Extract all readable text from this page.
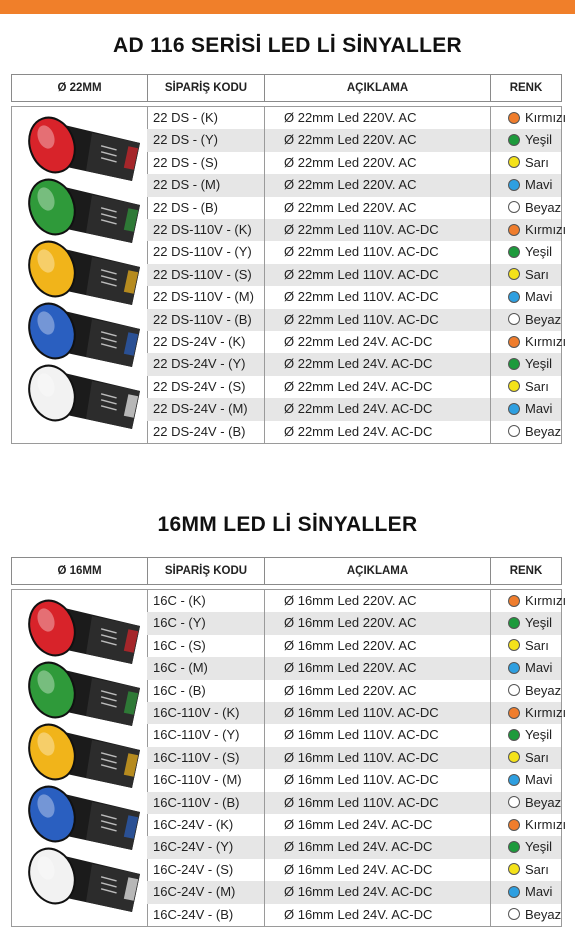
AD 116 SERİSİ LED Lİ SİNYALLER
Ø 22MM	SİPARİŞ KODU	AÇIKLAMA	RENK
22 DS - (K)	Ø 22mm Led 220V. AC	Kırmızı
22 DS - (Y)	Ø 22mm Led 220V. AC	Yeşil
22 DS - (S)	Ø 22mm Led 220V. AC	Sarı
22 DS - (M)	Ø 22mm Led 220V. AC	Mavi
22 DS - (B)	Ø 22mm Led 220V. AC	Beyaz
22 DS-110V - (K) Ø 22mm Led 110V. AC-DC	Kırmızı
22 DS-110V - (Y) Ø 22mm Led 110V. AC-DC	Yeşil
22 DS-110V - (S) Ø 22mm Led 110V. AC-DC	Sarı
22 DS-110V - (M) Ø 22mm Led 110V. AC-DC	Mavi
22 DS-110V - (B) Ø 22mm Led 110V. AC-DC	Beyaz
22 DS-24V - (K)	Ø 22mm Led 24V. AC-DC	Kırmızı
22 DS-24V - (Y)	Ø 22mm Led 24V. AC-DC	Yeşil
22 DS-24V - (S)	Ø 22mm Led 24V. AC-DC	Sarı
22 DS-24V - (M)	Ø 22mm Led 24V. AC-DC	Mavi
22 DS-24V - (B)	Ø 22mm Led 24V. AC-DC	Beyaz
16MM LED Lİ SİNYALLER
Ø 16MM	SİPARİŞ KODU	AÇIKLAMA	RENK
16C - (K)	Ø 16mm Led 220V. AC	Kırmızı
16C - (Y)	Ø 16mm Led 220V. AC	Yeşil
16C - (S)	Ø 16mm Led 220V. AC	Sarı
16C - (M)	Ø 16mm Led 220V. AC	Mavi
16C - (B)	Ø 16mm Led 220V. AC	Beyaz
16C-110V - (K)	Ø 16mm Led 110V. AC-DC	Kırmızı
16C-110V - (Y)	Ø 16mm Led 110V. AC-DC	Yeşil
16C-110V - (S)	Ø 16mm Led 110V. AC-DC	Sarı
16C-110V - (M)	Ø 16mm Led 110V. AC-DC	Mavi
16C-110V - (B)	Ø 16mm Led 110V. AC-DC	Beyaz
16C-24V - (K)	Ø 16mm Led 24V. AC-DC	Kırmızı
16C-24V - (Y)	Ø 16mm Led 24V. AC-DC	Yeşil
16C-24V - (S)	Ø 16mm Led 24V. AC-DC	Sarı
16C-24V - (M)	Ø 16mm Led 24V. AC-DC	Mavi
16C-24V - (B)	Ø 16mm Led 24V. AC-DC	Beyaz
